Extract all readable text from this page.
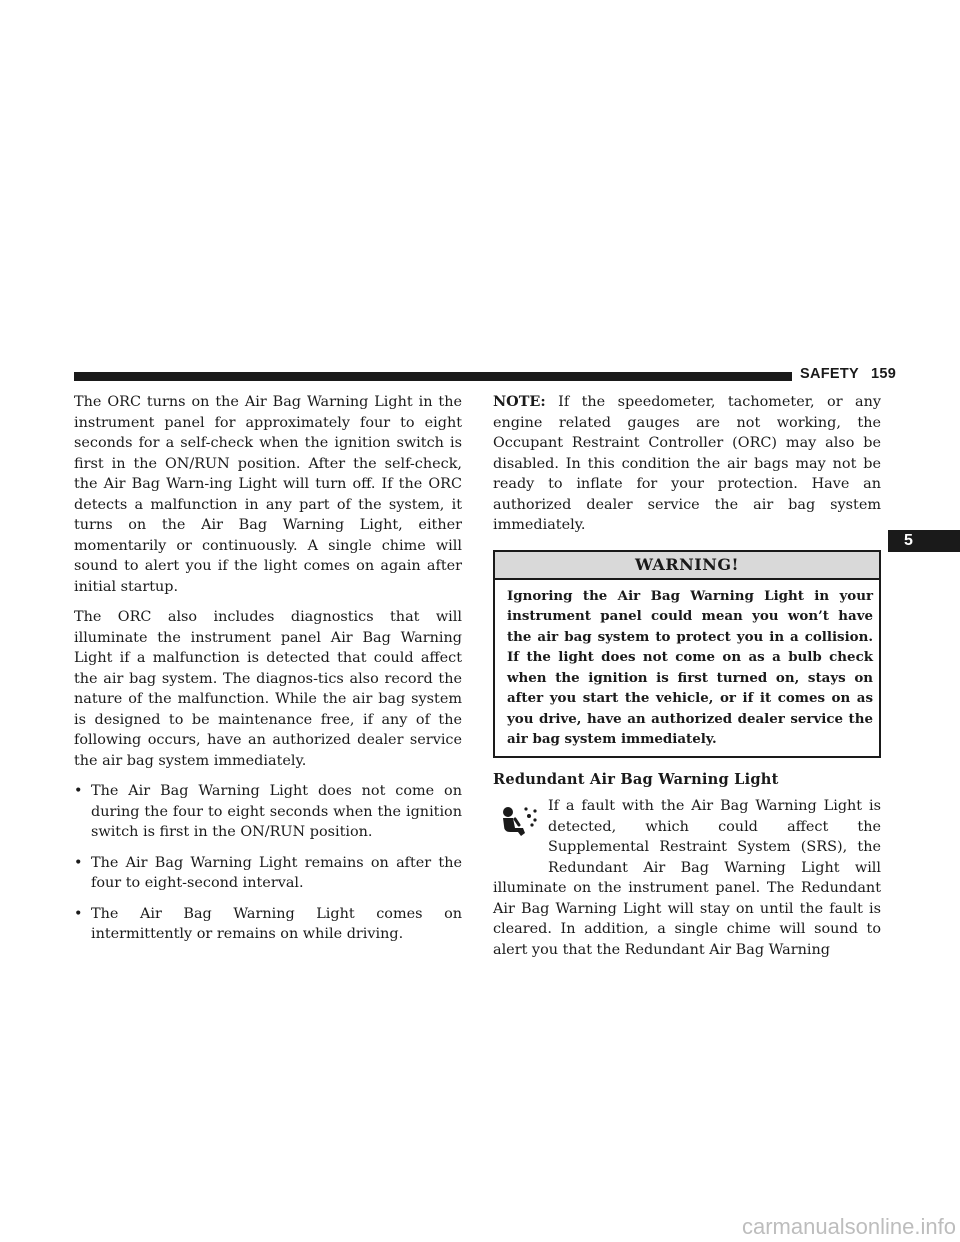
SAFETY 159
5

The ORC turns on the Air Bag Warning Light in the instrument panel for approximately four to eight seconds for a self-check when the ignition switch is first in the ON/RUN position. After the self-check, the Air Bag Warn-ing Light will turn off. If the ORC detects a malfunction in any part of the system, it turns on the Air Bag Warning Light, either momentarily or continuously. A single chime will sound to alert you if the light comes on again after initial startup.

The ORC also includes diagnostics that will illuminate the instrument panel Air Bag Warning Light if a malfunction is detected that could affect the air bag system. The diagnos-tics also record the nature of the malfunction. While the air bag system is designed to be maintenance free, if any of the following occurs, have an authorized dealer service the air bag system immediately.

• The Air Bag Warning Light does not come on during the four to eight seconds when the ignition switch is first in the ON/RUN position.
• The Air Bag Warning Light remains on after the four to eight-second interval.
• The Air Bag Warning Light comes on intermittently or remains on while driving.

NOTE: If the speedometer, tachometer, or any engine related gauges are not working, the Occupant Restraint Controller (ORC) may also be disabled. In this condition the air bags may not be ready to inflate for your protection. Have an authorized dealer service the air bag system immediately.

WARNING!
Ignoring the Air Bag Warning Light in your instrument panel could mean you won’t have the air bag system to protect you in a collision. If the light does not come on as a bulb check when the ignition is first turned on, stays on after you start the vehicle, or if it comes on as you drive, have an authorized dealer service the air bag system immediately.
Redundant Air Bag Warning Light

If a fault with the Air Bag Warning Light is detected, which could affect the Supplemental Restraint System (SRS), the Redundant Air Bag Warning Light will illuminate on the instrument panel. The Redundant Air Bag Warning Light will stay on until the fault is cleared. In addition, a single chime will sound to alert you that the Redundant Air Bag Warning

carmanualsonline.info
